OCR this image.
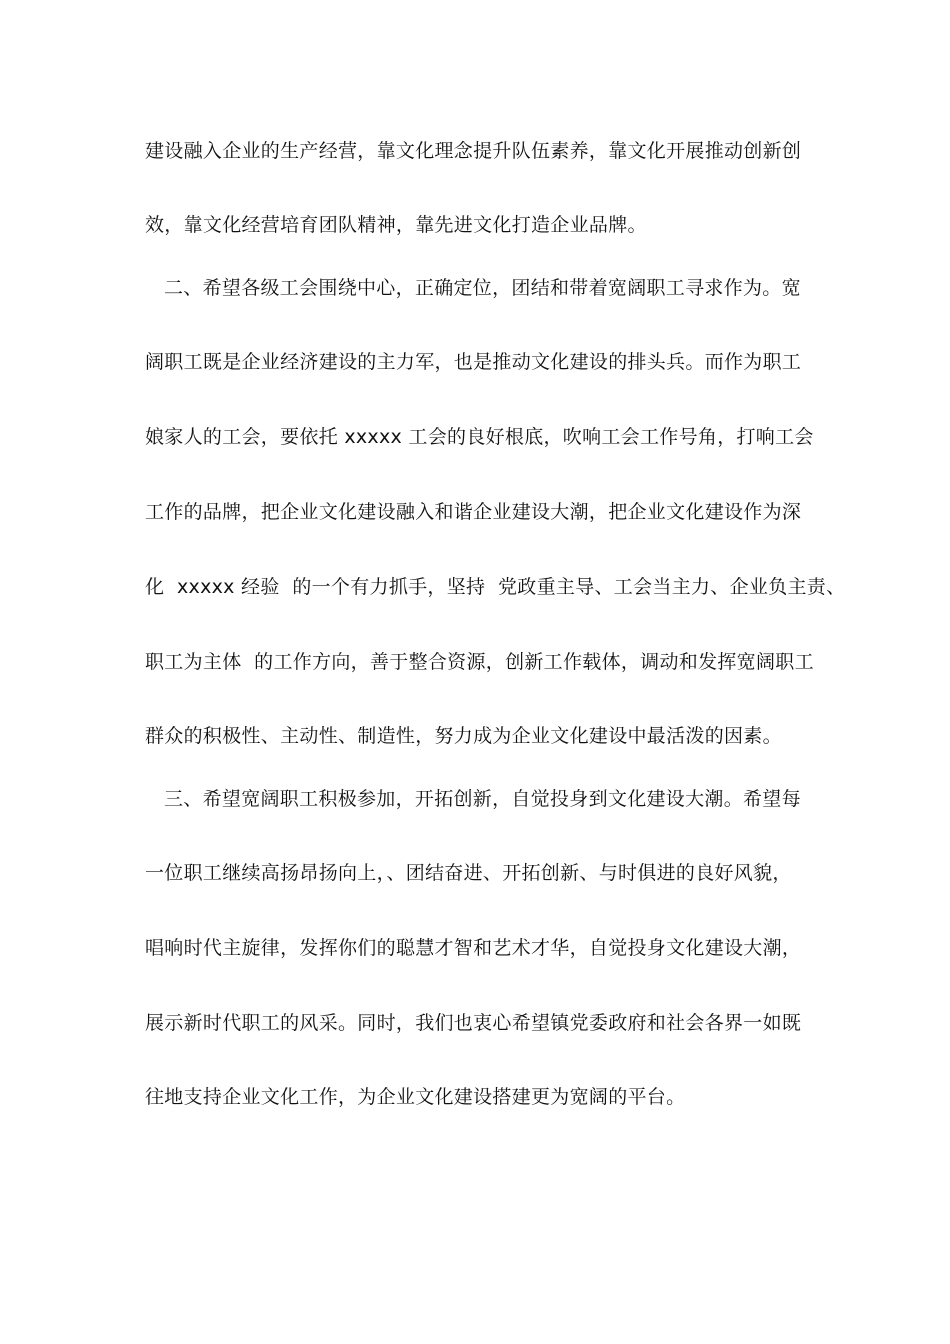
建设融入企业的生产经营，靠文化理念提升队伍素养，靠文化开展推动创新创
效，靠文化经营培育团队精神，靠先进文化打造企业品牌。
二、希望各级工会围绕中心，正确定位，团结和带着宽阔职工寻求作为。宽
阔职工既是企业经济建设的主力军，也是推动文化建设的排头兵。而作为职工
娘家人的工会，要依托 xxxxx 工会的良好根底，吹响工会工作号角，打响工会
工作的品牌，把企业文化建设融入和谐企业建设大潮，把企业文化建设作为深
化  xxxxx 经验  的一个有力抓手，坚持  党政重主导、工会当主力、企业负主责、
职工为主体  的工作方向，善于整合资源，创新工作载体，调动和发挥宽阔职工
群众的积极性、主动性、制造性，努力成为企业文化建设中最活泼的因素。
三、希望宽阔职工积极参加，开拓创新，自觉投身到文化建设大潮。希望每
一位职工继续高扬昂扬向上，、团结奋进、开拓创新、与时俱进的良好风貌，
唱响时代主旋律，发挥你们的聪慧才智和艺术才华，自觉投身文化建设大潮，
展示新时代职工的风采。同时，我们也衷心希望镇党委政府和社会各界一如既
往地支持企业文化工作，为企业文化建设搭建更为宽阔的平台。
